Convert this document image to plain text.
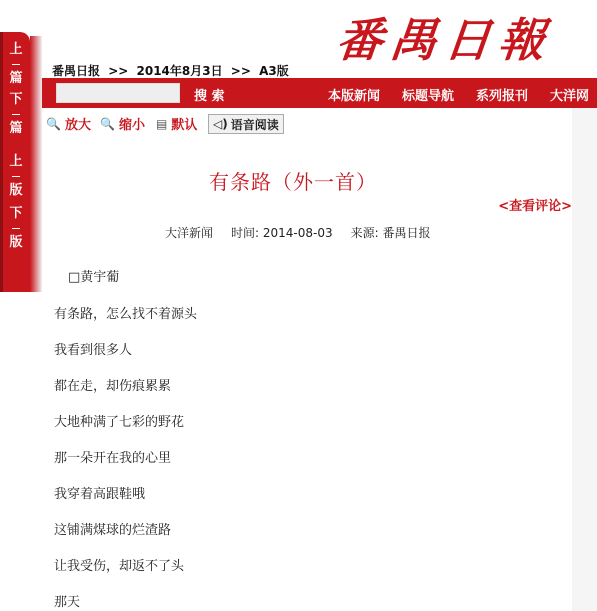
番禺日報
番禺日报 >> 2014年8月3日 >> A3版
上
篇
下
篇
上
版
下
版
搜 索	本版新闻 标题导航 系列报刊 大洋网
🔍 放大 🔍 缩小 ▤ 默认 ◁) 语音阅读
有条路（外一首）
<查看评论>
大洋新闻 时间: 2014-08-03 来源: 番禺日报
□黄宇葡
有条路，怎么找不着源头
我看到很多人
都在走，却伤痕累累
大地种满了七彩的野花
那一朵开在我的心里
我穿着高跟鞋哦
这铺满煤球的烂渣路
让我受伤，却返不了头
那天
